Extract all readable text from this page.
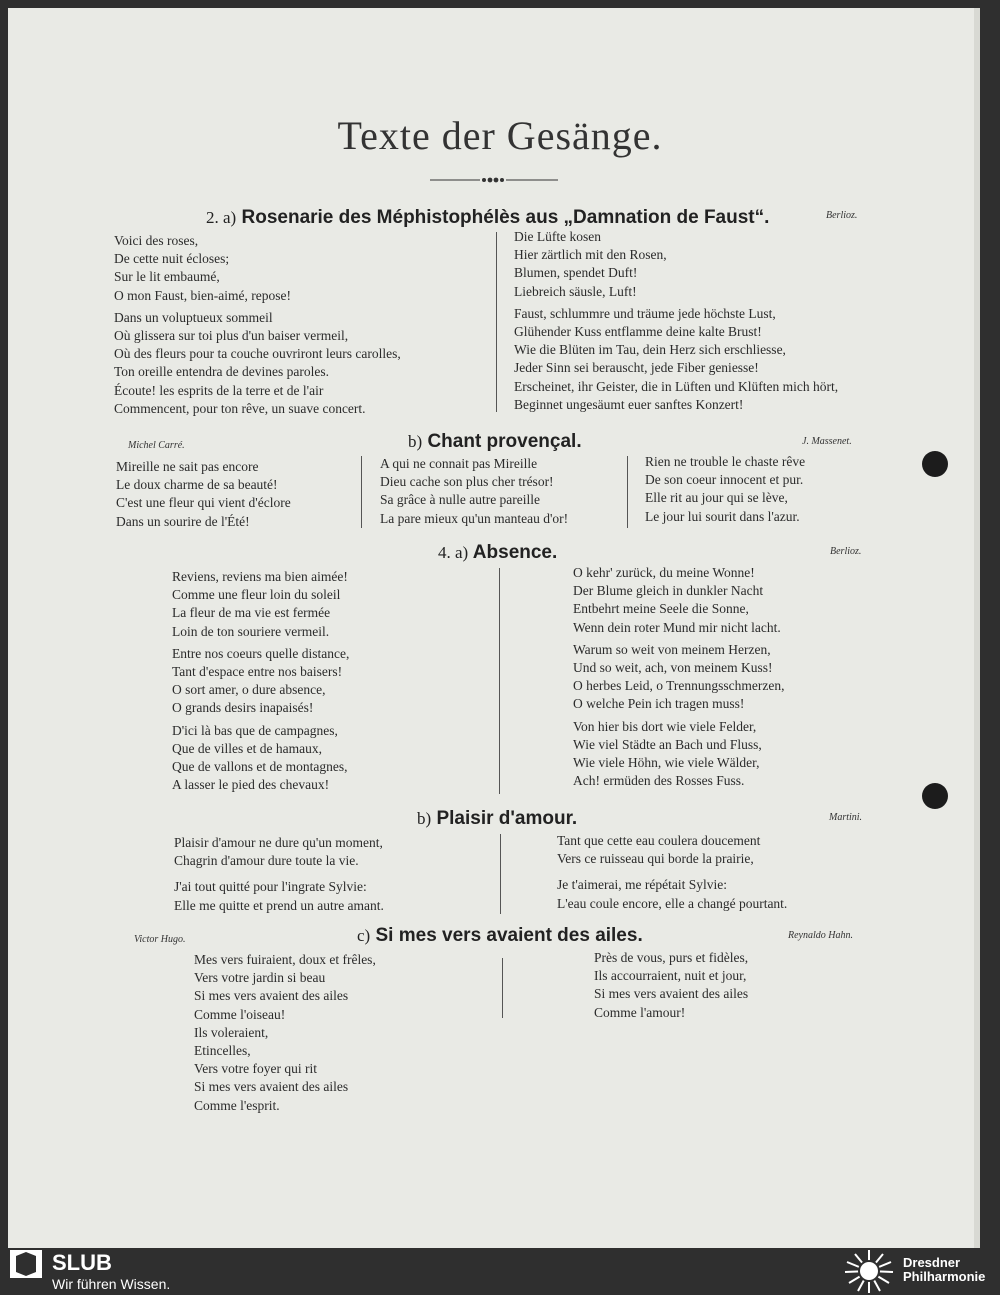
Texte der Gesänge.
2. a) Rosenarie des Méphistophélès aus „Damnation de Faust“.	Berlioz.
Voici des roses,
De cette nuit écloses;
Sur le lit embaumé,
O mon Faust, bien-aimé, repose!
Dans un voluptueux sommeil
Où glissera sur toi plus d'un baiser vermeil,
Où des fleurs pour ta couche ouvriront leurs carolles,
Ton oreille entendra de devines paroles.
Écoute! les esprits de la terre et de l'air
Commencent, pour ton rêve, un suave concert.
Die Lüfte kosen
Hier zärtlich mit den Rosen,
Blumen, spendet Duft!
Liebreich säusle, Luft!
Faust, schlummre und träume jede höchste Lust,
Glühender Kuss entflamme deine kalte Brust!
Wie die Blüten im Tau, dein Herz sich erschliesse,
Jeder Sinn sei berauscht, jede Fiber geniesse!
Erscheinet, ihr Geister, die in Lüften und Klüften mich hört,
Beginnet ungesäumt euer sanftes Konzert!
Michel Carré.	b) Chant provençal.	J. Massenet.
Mireille ne sait pas encore
Le doux charme de sa beauté!
C'est une fleur qui vient d'éclore
Dans un sourire de l'Été!
A qui ne connait pas Mireille
Dieu cache son plus cher trésor!
Sa grâce à nulle autre pareille
La pare mieux qu'un manteau d'or!
Rien ne trouble le chaste rêve
De son coeur innocent et pur.
Elle rit au jour qui se lève,
Le jour lui sourit dans l'azur.
4. a) Absence.	Berlioz.
Reviens, reviens ma bien aimée!
Comme une fleur loin du soleil
La fleur de ma vie est fermée
Loin de ton souriere vermeil.
Entre nos coeurs quelle distance,
Tant d'espace entre nos baisers!
O sort amer, o dure absence,
O grands desirs inapaisés!
D'ici là bas que de campagnes,
Que de villes et de hamaux,
Que de vallons et de montagnes,
A lasser le pied des chevaux!
O kehr' zurück, du meine Wonne!
Der Blume gleich in dunkler Nacht
Entbehrt meine Seele die Sonne,
Wenn dein roter Mund mir nicht lacht.
Warum so weit von meinem Herzen,
Und so weit, ach, von meinem Kuss!
O herbes Leid, o Trennungsschmerzen,
O welche Pein ich tragen muss!
Von hier bis dort wie viele Felder,
Wie viel Städte an Bach und Fluss,
Wie viele Höhn, wie viele Wälder,
Ach! ermüden des Rosses Fuss.
b) Plaisir d'amour.	Martini.
Plaisir d'amour ne dure qu'un moment,
Chagrin d'amour dure toute la vie.
J'ai tout quitté pour l'ingrate Sylvie:
Elle me quitte et prend un autre amant.
Tant que cette eau coulera doucement
Vers ce ruisseau qui borde la prairie,
Je t'aimerai, me répétait Sylvie:
L'eau coule encore, elle a changé pourtant.
Victor Hugo.	c) Si mes vers avaient des ailes.	Reynaldo Hahn.
Mes vers fuiraient, doux et frêles,
Vers votre jardin si beau
Si mes vers avaient des ailes
Comme l'oiseau!
Ils voleraient,
Etincelles,
Vers votre foyer qui rit
Si mes vers avaient des ailes
Comme l'esprit.
Près de vous, purs et fidèles,
Ils accourraient, nuit et jour,
Si mes vers avaient des ailes
Comme l'amour!
SLUB
Wir führen Wissen.
Dresdner
Philharmonie
